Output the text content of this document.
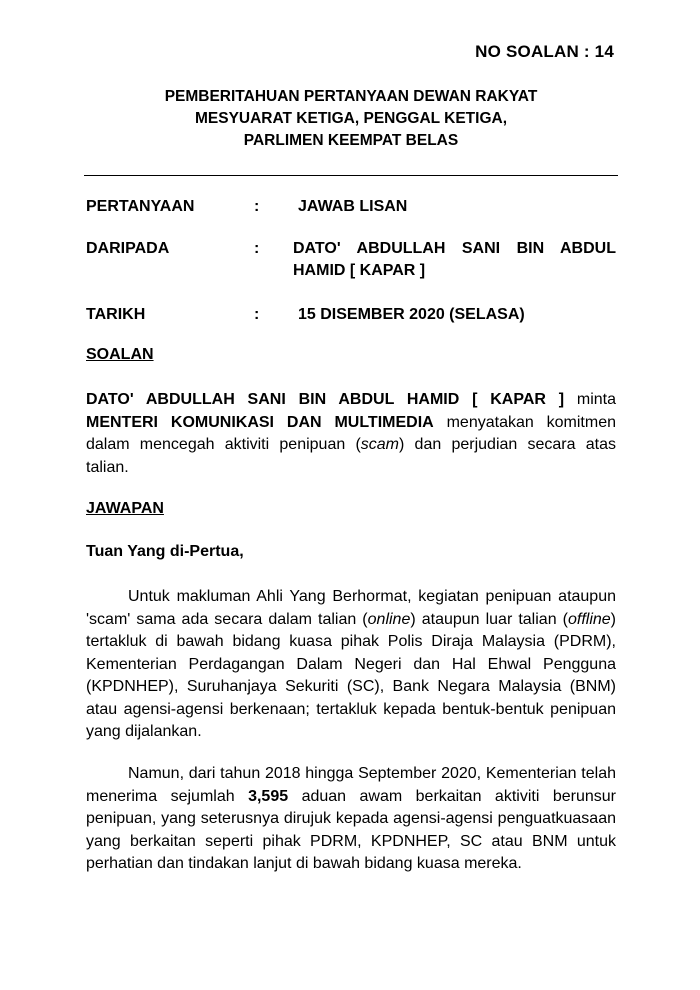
NO SOALAN : 14
PEMBERITAHUAN PERTANYAAN DEWAN RAKYAT
MESYUARAT KETIGA, PENGGAL KETIGA,
PARLIMEN KEEMPAT BELAS
PERTANYAAN	: JAWAB LISAN
DARIPADA	: DATO' ABDULLAH SANI BIN ABDUL
HAMID [ KAPAR ]
TARIKH	: 15 DISEMBER 2020 (SELASA)
SOALAN
DATO' ABDULLAH SANI BIN ABDUL HAMID [ KAPAR ] minta MENTERI KOMUNIKASI DAN MULTIMEDIA menyatakan komitmen dalam mencegah aktiviti penipuan (scam) dan perjudian secara atas talian.
JAWAPAN
Tuan Yang di-Pertua,
Untuk makluman Ahli Yang Berhormat, kegiatan penipuan ataupun 'scam' sama ada secara dalam talian (online) ataupun luar talian (offline) tertakluk di bawah bidang kuasa pihak Polis Diraja Malaysia (PDRM), Kementerian Perdagangan Dalam Negeri dan Hal Ehwal Pengguna (KPDNHEP), Suruhanjaya Sekuriti (SC), Bank Negara Malaysia (BNM) atau agensi-agensi berkenaan; tertakluk kepada bentuk-bentuk penipuan yang dijalankan.
Namun, dari tahun 2018 hingga September 2020, Kementerian telah menerima sejumlah 3,595 aduan awam berkaitan aktiviti berunsur penipuan, yang seterusnya dirujuk kepada agensi-agensi penguatkuasaan yang berkaitan seperti pihak PDRM, KPDNHEP, SC atau BNM untuk perhatian dan tindakan lanjut di bawah bidang kuasa mereka.
